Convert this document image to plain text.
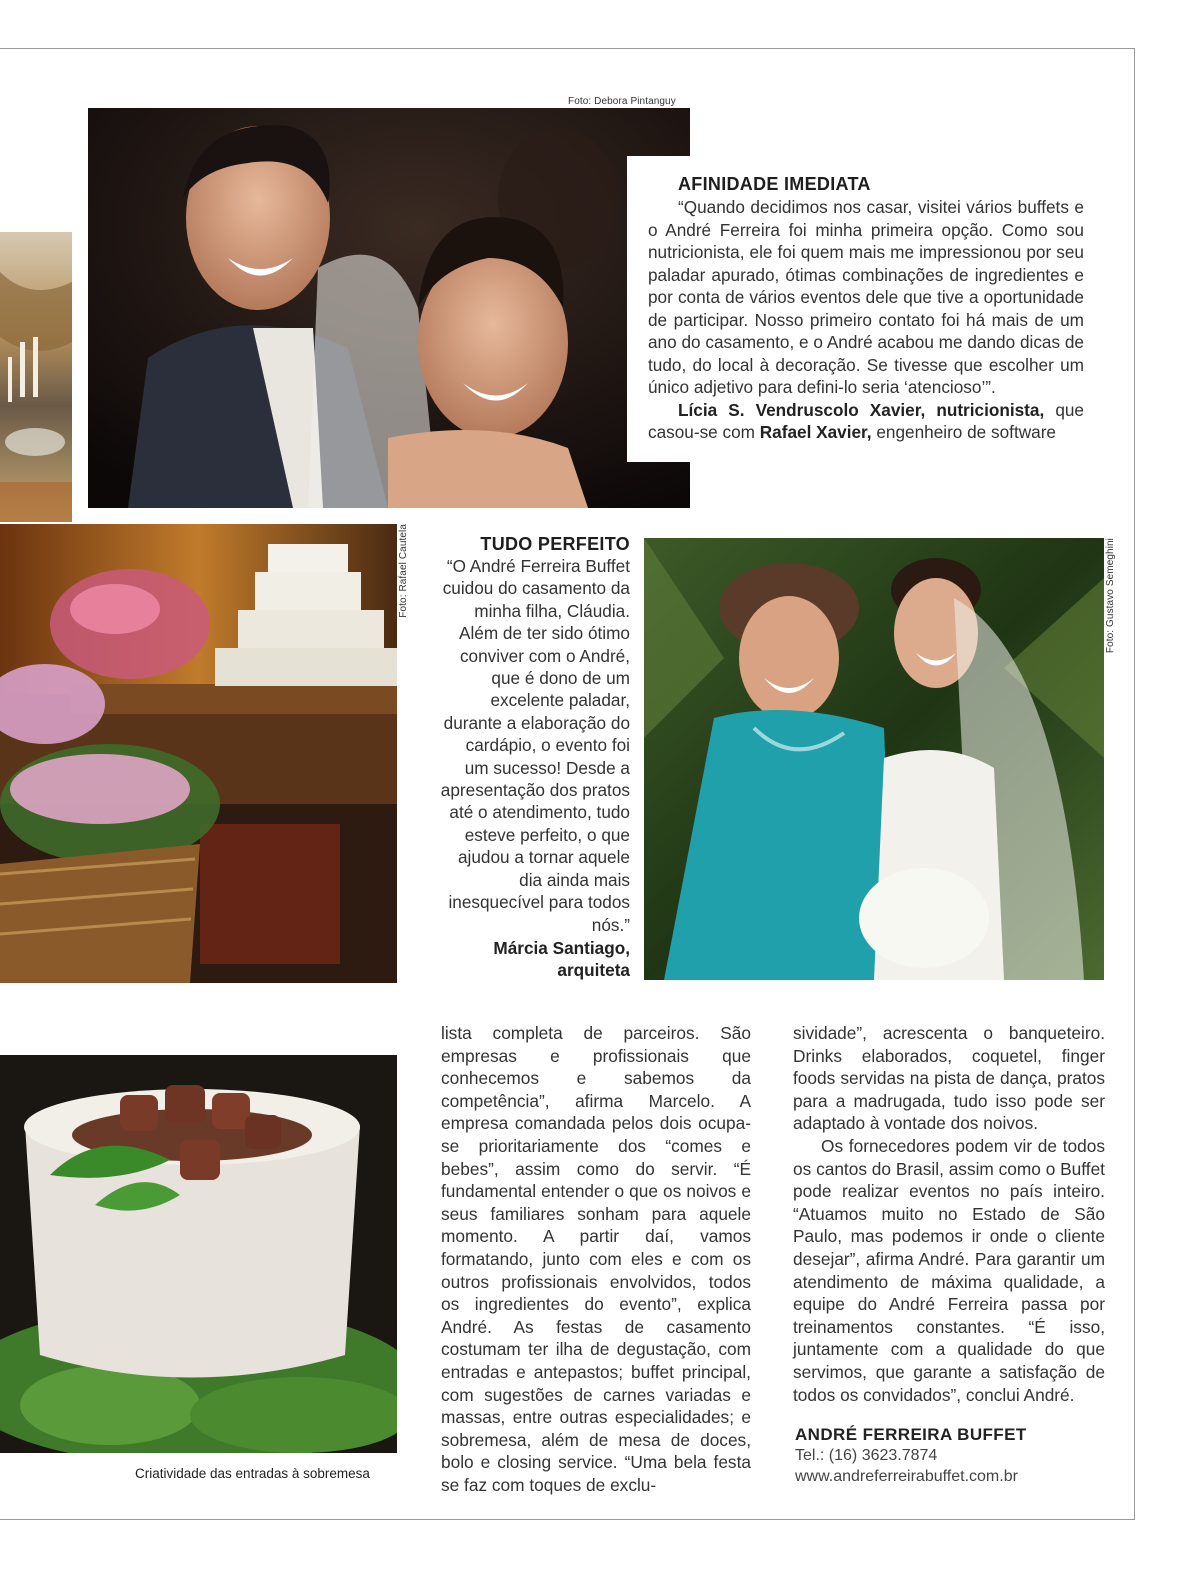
Foto: Debora Pintanguy
AFINIDADE IMEDIATA
“Quando decidimos nos casar, visitei vários buffets e o André Ferreira foi minha primeira opção. Como sou nutricionista, ele foi quem mais me impressionou por seu paladar apurado, ótimas combinações de ingredientes e por conta de vários eventos dele que tive a oportunidade de participar. Nosso primeiro contato foi há mais de um ano do casamento, e o André acabou me dando dicas de tudo, do local à decoração. Se tivesse que escolher um único adjetivo para defini-lo seria ‘atencioso’”.
Lícia S. Vendruscolo Xavier, nutricionista, que casou-se com Rafael Xavier, engenheiro de software
Foto: Rafael Cautela	TUDO PERFEITO
“O André Ferreira Buffet cuidou do casamento da minha filha, Cláudia. Além de ter sido ótimo conviver com o André, que é dono de um excelente paladar, durante a elaboração do cardápio, o evento foi um sucesso! Desde a apresentação dos pratos até o atendimento, tudo esteve perfeito, o que ajudou a tornar aquele dia ainda mais inesquecível para todos nós.”
Márcia Santiago,
arquiteta
Foto: Gustavo Semeghini
Criatividade das entradas à sobremesa

lista completa de parceiros. São empresas e profissionais que conhecemos e sabemos da competência”, afirma Marcelo. A empresa comandada pelos dois ocupa-se prioritariamente dos “comes e bebes”, assim como do servir. “É fundamental entender o que os noivos e seus familiares sonham para aquele momento. A partir daí, vamos formatando, junto com eles e com os outros profissionais envolvidos, todos os ingredientes do evento”, explica André. As festas de casamento costumam ter ilha de degustação, com entradas e antepastos; buffet principal, com sugestões de carnes variadas e massas, entre outras especialidades; e sobremesa, além de mesa de doces, bolo e closing service. “Uma bela festa se faz com toques de exclu-

sividade”, acrescenta o banqueteiro. Drinks elaborados, coquetel, finger foods servidas na pista de dança, pratos para a madrugada, tudo isso pode ser adaptado à vontade dos noivos.

Os fornecedores podem vir de todos os cantos do Brasil, assim como o Buffet pode realizar eventos no país inteiro. “Atuamos muito no Estado de São Paulo, mas podemos ir onde o cliente desejar”, afirma André. Para garantir um atendimento de máxima qualidade, a equipe do André Ferreira passa por treinamentos constantes. “É isso, juntamente com a qualidade do que servimos, que garante a satisfação de todos os convidados”, conclui André.

ANDRÉ FERREIRA BUFFET
Tel.: (16) 3623.7874
www.andreferreirabuffet.com.br
